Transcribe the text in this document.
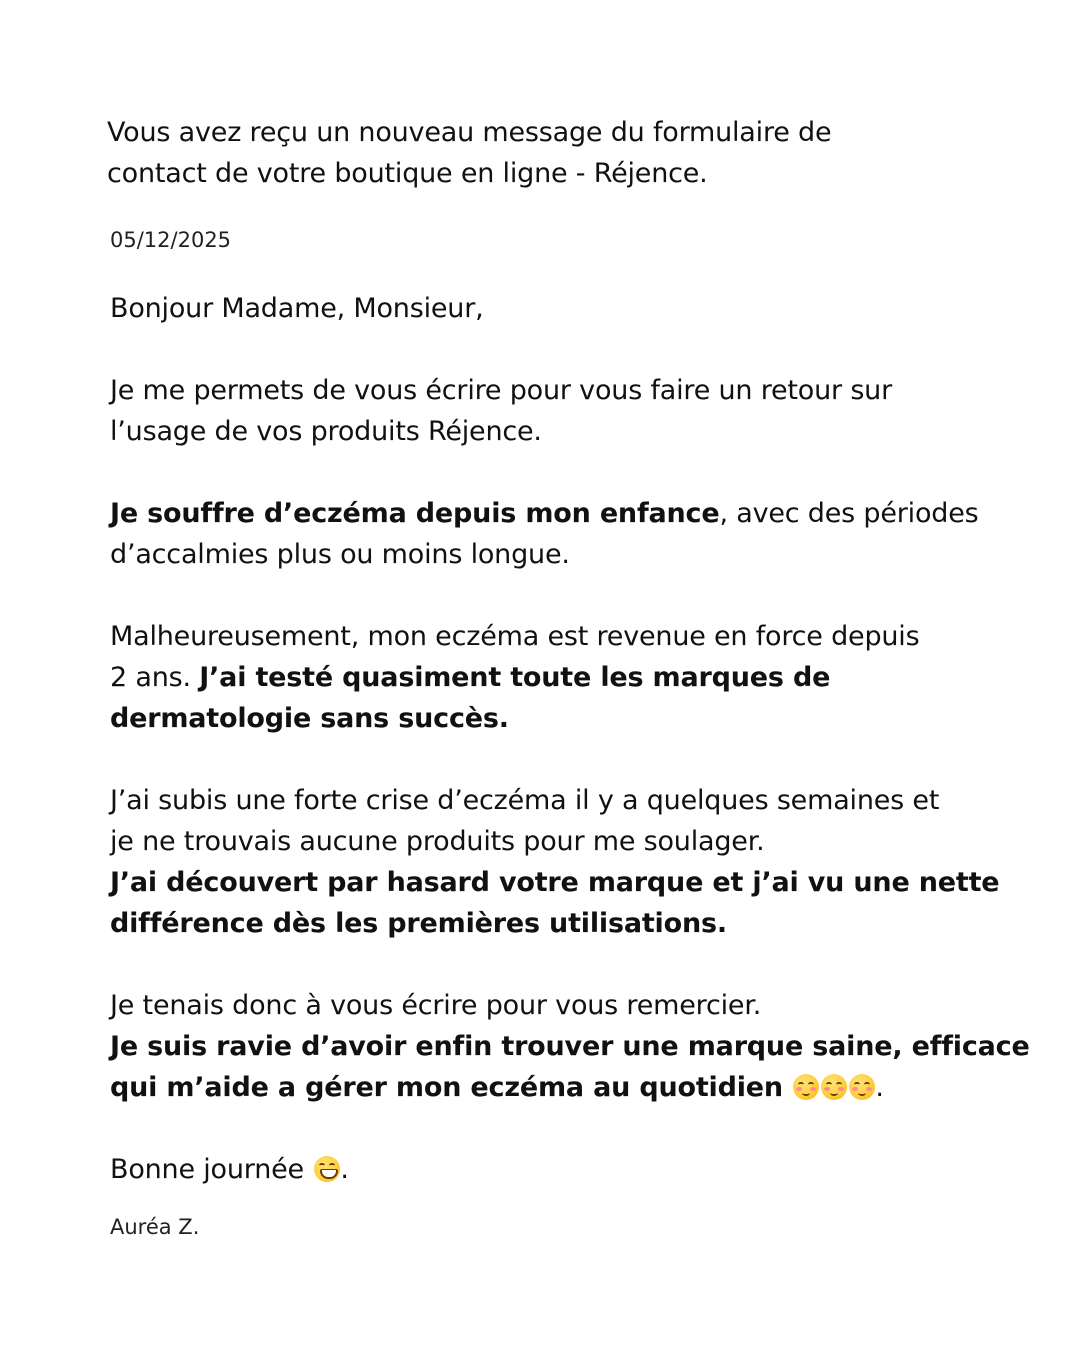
Vous avez reçu un nouveau message du formulaire de
contact de votre boutique en ligne - Réjence.

05/12/2025

Bonjour Madame, Monsieur,

Je me permets de vous écrire pour vous faire un retour sur
l’usage de vos produits Réjence.

Je souffre d’eczéma depuis mon enfance, avec des périodes
d’accalmies plus ou moins longue.

Malheureusement, mon eczéma est revenue en force depuis
2 ans. J’ai testé quasiment toute les marques de
dermatologie sans succès.

J’ai subis une forte crise d’eczéma il y a quelques semaines et
je ne trouvais aucune produits pour me soulager.
J’ai découvert par hasard votre marque et j’ai vu une nette
différence dès les premières utilisations.

Je tenais donc à vous écrire pour vous remercier.
Je suis ravie d’avoir enfin trouver une marque saine, efficace
qui m’aide a gérer mon eczéma au quotidien	.

Bonne journée
.

Auréa Z.
